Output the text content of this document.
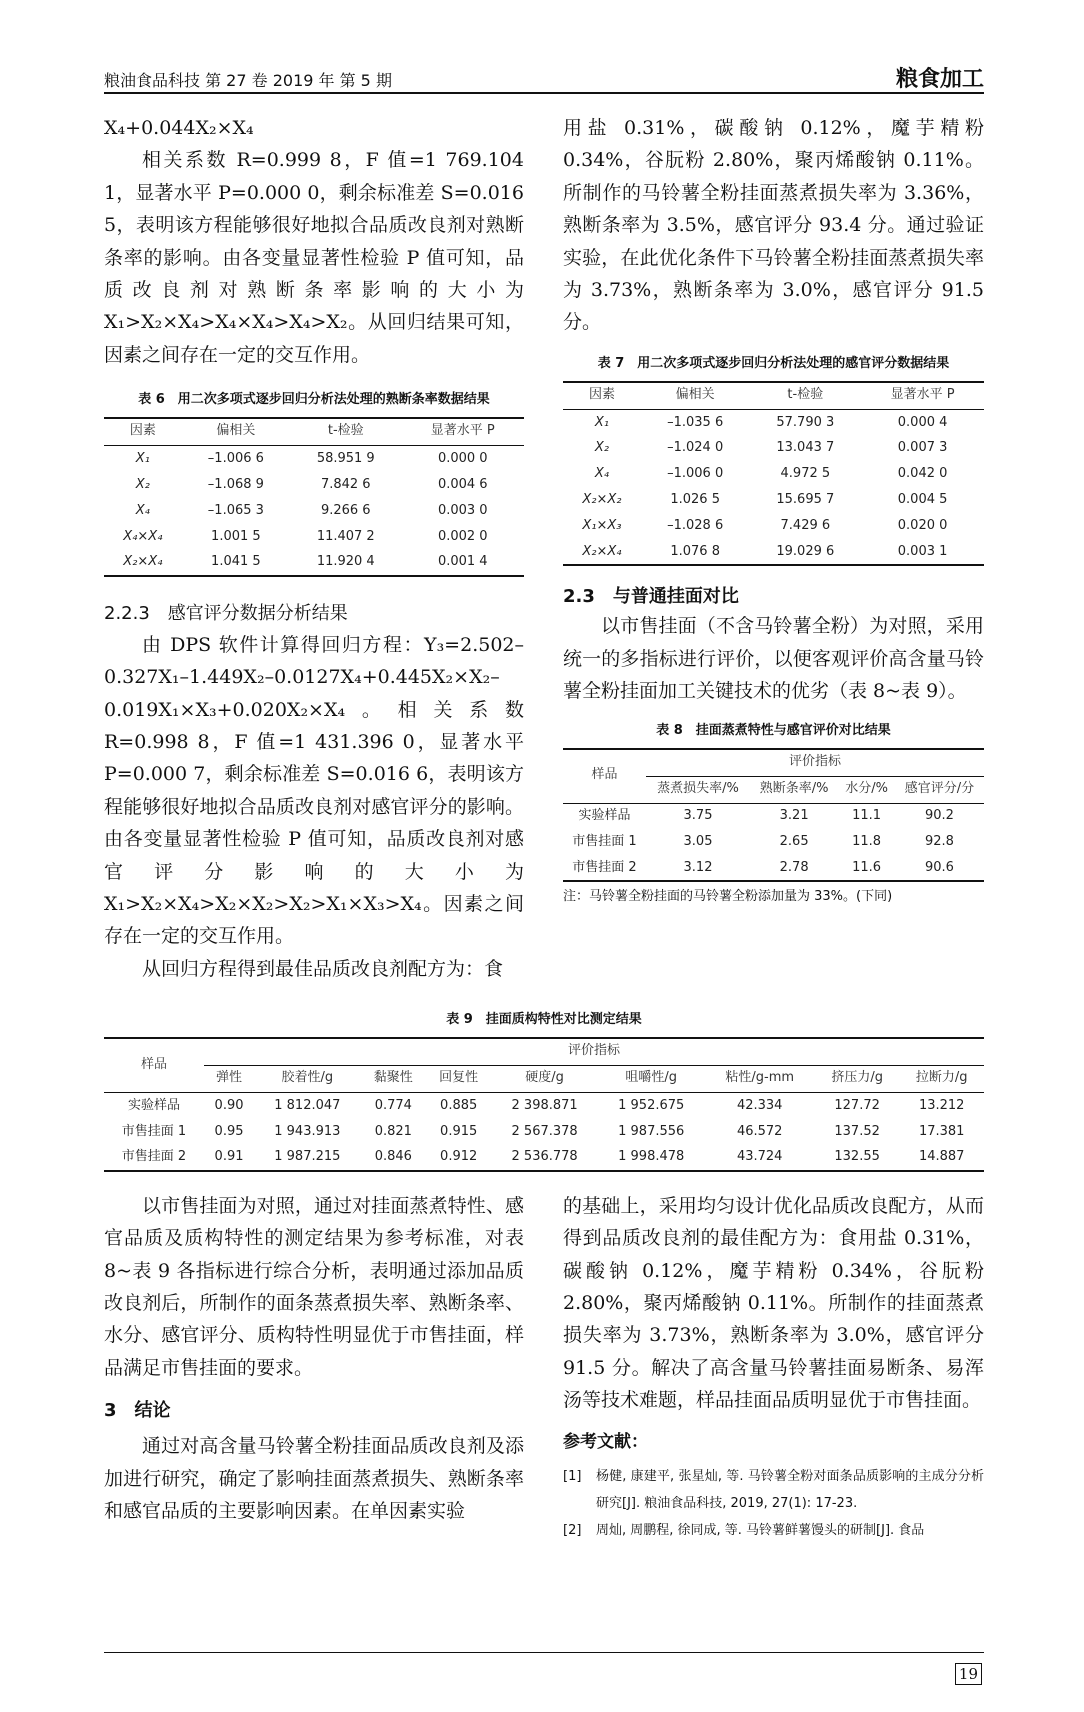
粮油食品科技 第 27 卷 2019 年 第 5 期	粮食加工
X₄+0.044X₂×X₄
相关系数 R=0.999 8，F 值=1 769.104 1，显著水平 P=0.000 0，剩余标准差 S=0.016 5，表明该方程能够很好地拟合品质改良剂对熟断条率的影响。由各变量显著性检验 P 值可知，品质改良剂对熟断条率影响的大小为 X₁>X₂×X₄>X₄×X₄>X₄>X₂。从回归结果可知，因素之间存在一定的交互作用。
表 6　用二次多项式逐步回归分析法处理的熟断条率数据结果
因素	偏相关	t-检验	显著水平 P
X₁	–1.006 6	58.951 9	0.000 0
X₂	–1.068 9	7.842 6	0.004 6
X₄	–1.065 3	9.266 6	0.003 0
X₄×X₄	1.001 5	11.407 2	0.002 0
X₂×X₄	1.041 5	11.920 4	0.001 4
2.2.3　感官评分数据分析结果
由 DPS 软件计算得回归方程：Y₃=2.502–0.327X₁–1.449X₂–0.0127X₄+0.445X₂×X₂–0.019X₁×X₃+0.020X₂×X₄。相关系数 R=0.998 8，F 值=1 431.396 0，显著水平 P=0.000 7，剩余标准差 S=0.016 6，表明该方程能够很好地拟合品质改良剂对感官评分的影响。由各变量显著性检验 P 值可知，品质改良剂对感官评分影响的大小为 X₁>X₂×X₄>X₂×X₂>X₂>X₁×X₃>X₄。因素之间存在一定的交互作用。
从回归方程得到最佳品质改良剂配方为：食
用盐 0.31%，碳酸钠 0.12%，魔芋精粉 0.34%，谷朊粉 2.80%，聚丙烯酸钠 0.11%。所制作的马铃薯全粉挂面蒸煮损失率为 3.36%，熟断条率为 3.5%，感官评分 93.4 分。通过验证实验，在此优化条件下马铃薯全粉挂面蒸煮损失率为 3.73%，熟断条率为 3.0%，感官评分 91.5 分。
表 7　用二次多项式逐步回归分析法处理的感官评分数据结果
因素	偏相关	t-检验	显著水平 P
X₁	–1.035 6	57.790 3	0.000 4
X₂	–1.024 0	13.043 7	0.007 3
X₄	–1.006 0	4.972 5	0.042 0
X₂×X₂	1.026 5	15.695 7	0.004 5
X₁×X₃	–1.028 6	7.429 6	0.020 0
X₂×X₄	1.076 8	19.029 6	0.003 1
2.3　与普通挂面对比
以市售挂面（不含马铃薯全粉）为对照，采用统一的多指标进行评价，以便客观评价高含量马铃薯全粉挂面加工关键技术的优劣（表 8~表 9）。
表 8　挂面蒸煮特性与感官评价对比结果
样品	评价指标			
	蒸煮损失率/%	熟断条率/%	水分/%	感官评分/分
实验样品	3.75	3.21	11.1	90.2
市售挂面 1	3.05	2.65	11.8	92.8
市售挂面 2	3.12	2.78	11.6	90.6
注：马铃薯全粉挂面的马铃薯全粉添加量为 33%。(下同)
表 9　挂面质构特性对比测定结果
样品	评价指标								
	弹性	胶着性/g	黏聚性	回复性	硬度/g	咀嚼性/g	粘性/g-mm	挤压力/g	拉断力/g
实验样品	0.90	1 812.047	0.774	0.885	2 398.871	1 952.675	42.334	127.72	13.212
市售挂面 1	0.95	1 943.913	0.821	0.915	2 567.378	1 987.556	46.572	137.52	17.381
市售挂面 2	0.91	1 987.215	0.846	0.912	2 536.778	1 998.478	43.724	132.55	14.887
以市售挂面为对照，通过对挂面蒸煮特性、感官品质及质构特性的测定结果为参考标准，对表 8~表 9 各指标进行综合分析，表明通过添加品质改良剂后，所制作的面条蒸煮损失率、熟断条率、水分、感官评分、质构特性明显优于市售挂面，样品满足市售挂面的要求。
3　结论
通过对高含量马铃薯全粉挂面品质改良剂及添加进行研究，确定了影响挂面蒸煮损失、熟断条率和感官品质的主要影响因素。在单因素实验
的基础上，采用均匀设计优化品质改良配方，从而得到品质改良剂的最佳配方为：食用盐 0.31%，碳酸钠 0.12%，魔芋精粉 0.34%，谷朊粉 2.80%，聚丙烯酸钠 0.11%。所制作的挂面蒸煮损失率为 3.73%，熟断条率为 3.0%，感官评分 91.5 分。解决了高含量马铃薯挂面易断条、易浑汤等技术难题，样品挂面品质明显优于市售挂面。
参考文献：
[1] 杨健, 康建平, 张星灿, 等. 马铃薯全粉对面条品质影响的主成分分析研究[J]. 粮油食品科技, 2019, 27(1): 17-23.
[2] 周灿, 周鹏程, 徐同成, 等. 马铃薯鲜薯馒头的研制[J]. 食品
19
